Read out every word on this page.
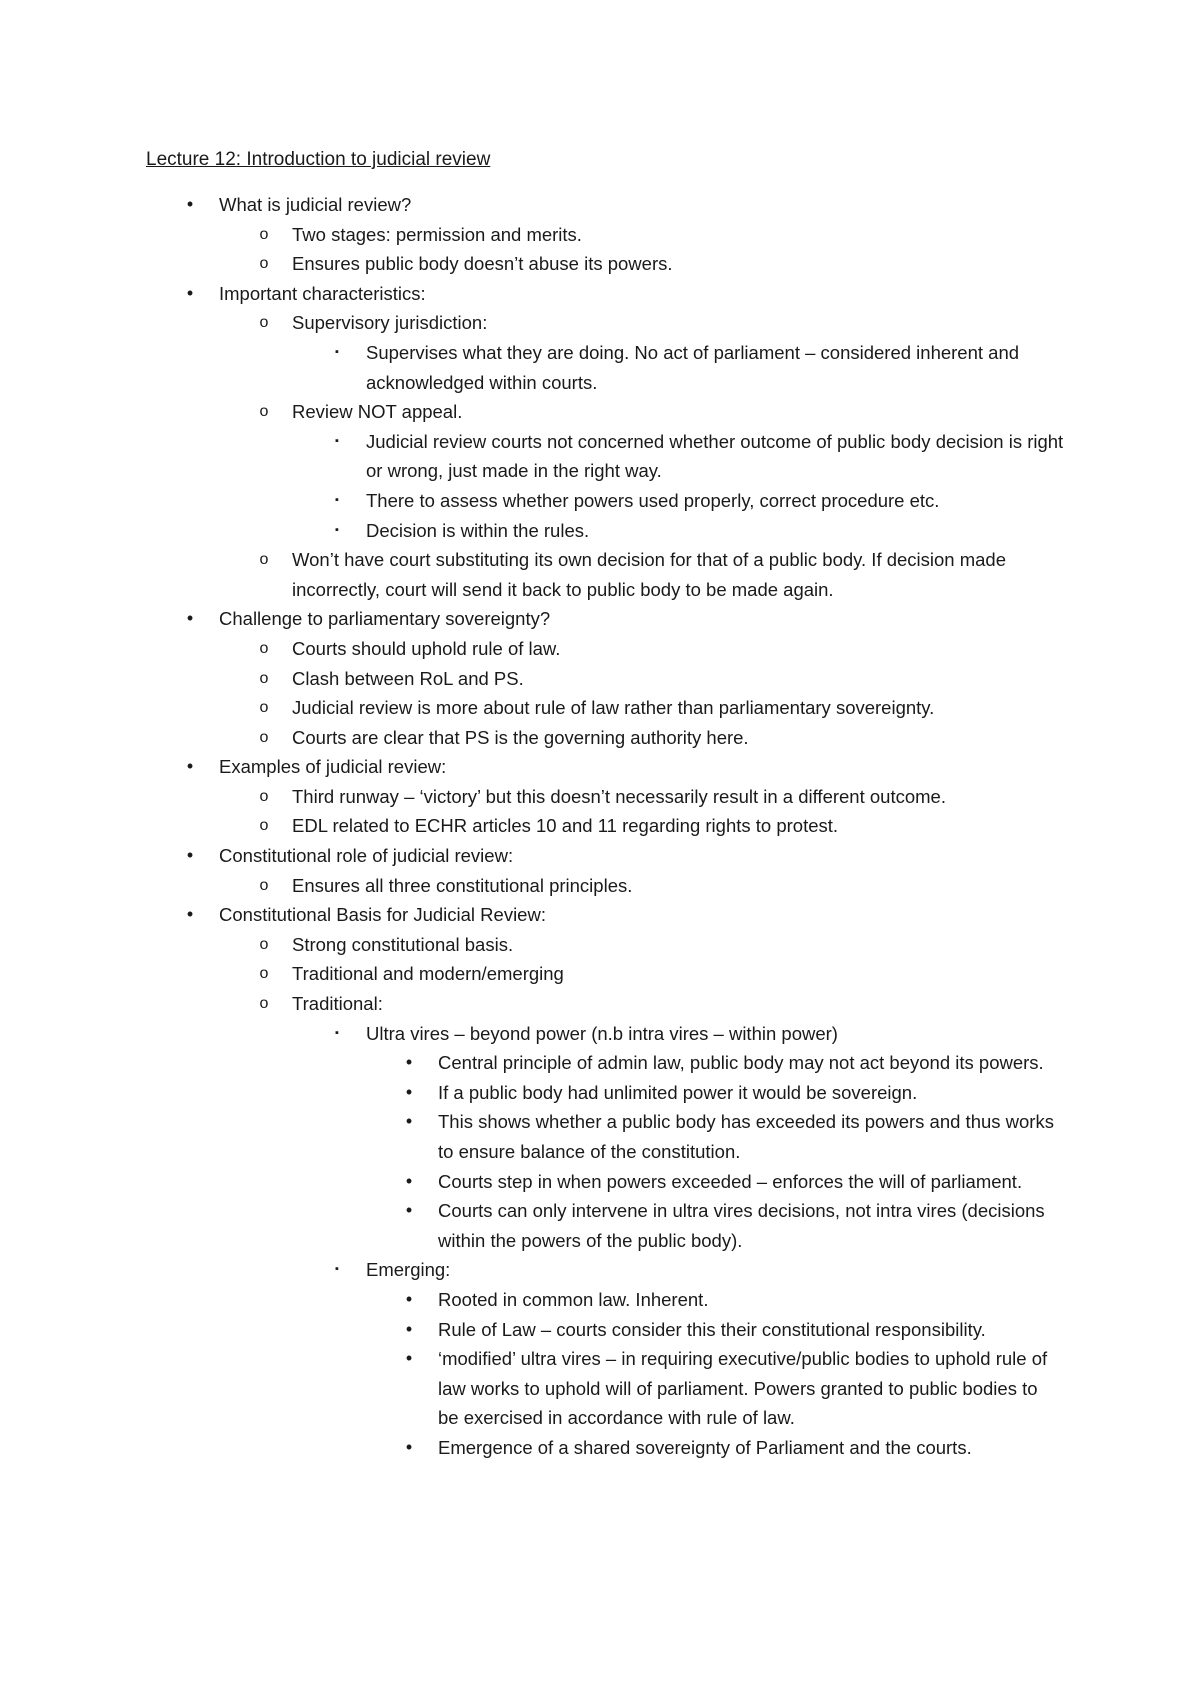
Lecture 12: Introduction to judicial review
•	What is judicial review?
o Two stages: permission and merits.
o Ensures public body doesn’t abuse its powers.
•	Important characteristics:
o Supervisory jurisdiction:
▪	Supervises what they are doing. No act of parliament – considered inherent and acknowledged within courts.
o Review NOT appeal.
▪	Judicial review courts not concerned whether outcome of public body decision is right or wrong, just made in the right way.
▪	There to assess whether powers used properly, correct procedure etc.
▪	Decision is within the rules.
o Won’t have court substituting its own decision for that of a public body. If decision made incorrectly, court will send it back to public body to be made again.
•	Challenge to parliamentary sovereignty?
o Courts should uphold rule of law.
o Clash between RoL and PS.
o Judicial review is more about rule of law rather than parliamentary sovereignty.
o Courts are clear that PS is the governing authority here.
•	Examples of judicial review:
o Third runway – ‘victory’ but this doesn’t necessarily result in a different outcome.
o EDL related to ECHR articles 10 and 11 regarding rights to protest.
•	Constitutional role of judicial review:
o Ensures all three constitutional principles.
•	Constitutional Basis for Judicial Review:
o Strong constitutional basis.
o Traditional and modern/emerging
o Traditional:
▪	Ultra vires – beyond power (n.b intra vires – within power)
•	Central principle of admin law, public body may not act beyond its powers.
•	If a public body had unlimited power it would be sovereign.
•	This shows whether a public body has exceeded its powers and thus works to ensure balance of the constitution.
•	Courts step in when powers exceeded – enforces the will of parliament.
•	Courts can only intervene in ultra vires decisions, not intra vires (decisions within the powers of the public body).
▪	Emerging:
•	Rooted in common law. Inherent.
•	Rule of Law – courts consider this their constitutional responsibility.
•	‘modified’ ultra vires – in requiring executive/public bodies to uphold rule of law works to uphold will of parliament. Powers granted to public bodies to be exercised in accordance with rule of law.
•	Emergence of a shared sovereignty of Parliament and the courts.
